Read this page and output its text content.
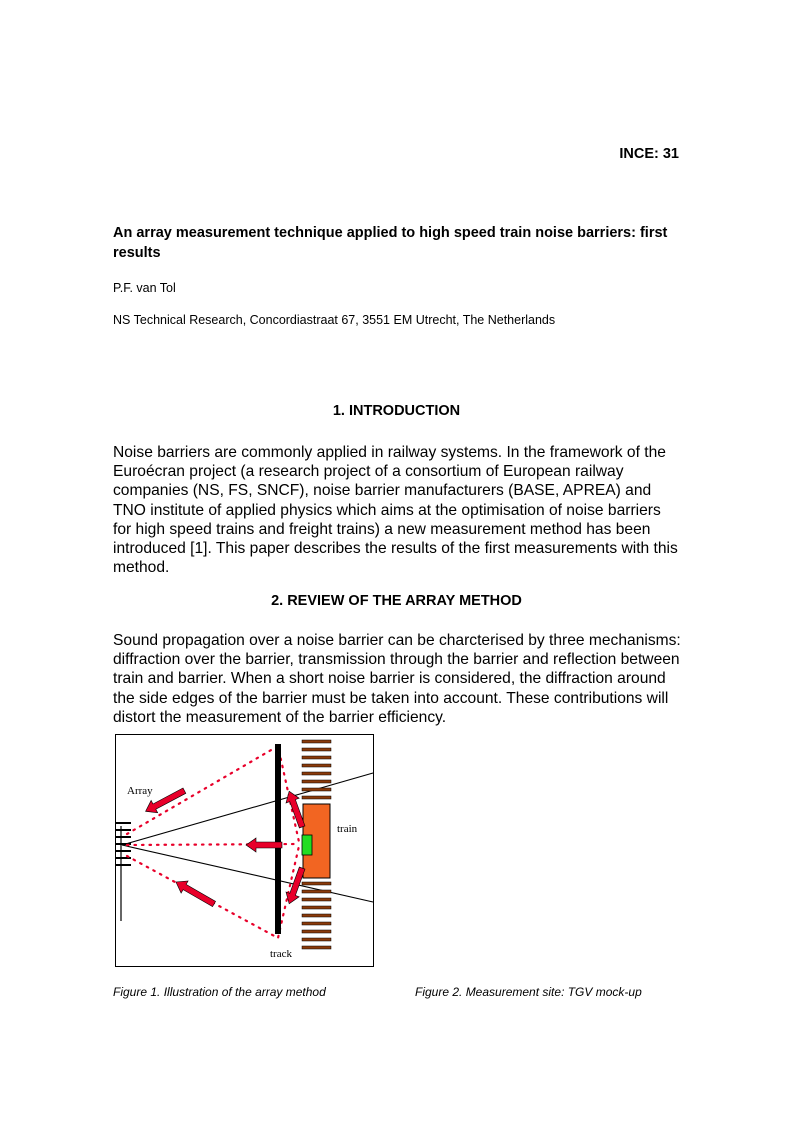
INCE: 31
An array measurement technique applied to high speed train noise barriers: first results
P.F. van Tol
NS Technical Research, Concordiastraat 67, 3551 EM Utrecht, The Netherlands
1. INTRODUCTION
Noise barriers are commonly applied in railway systems. In the framework of the Euroécran project (a research project of a consortium of European railway companies (NS, FS, SNCF), noise barrier manufacturers (BASE, APREA) and TNO institute of applied physics which aims at the optimisation of noise barriers for high speed trains and freight trains) a new measurement method has been introduced [1]. This paper describes the results of the first measurements with this method.
2. REVIEW OF THE ARRAY METHOD
Sound propagation over a noise barrier can be charcterised by three mechanisms: diffraction over the barrier, transmission through the barrier and reflection between train and barrier. When a short noise barrier is considered, the diffraction around the side edges of the barrier must be taken into account. These contributions will distort the measurement of the barrier efficiency.
Array
train
track
Figure 1. Illustration of the array method	Figure 2. Measurement site: TGV mock-up
